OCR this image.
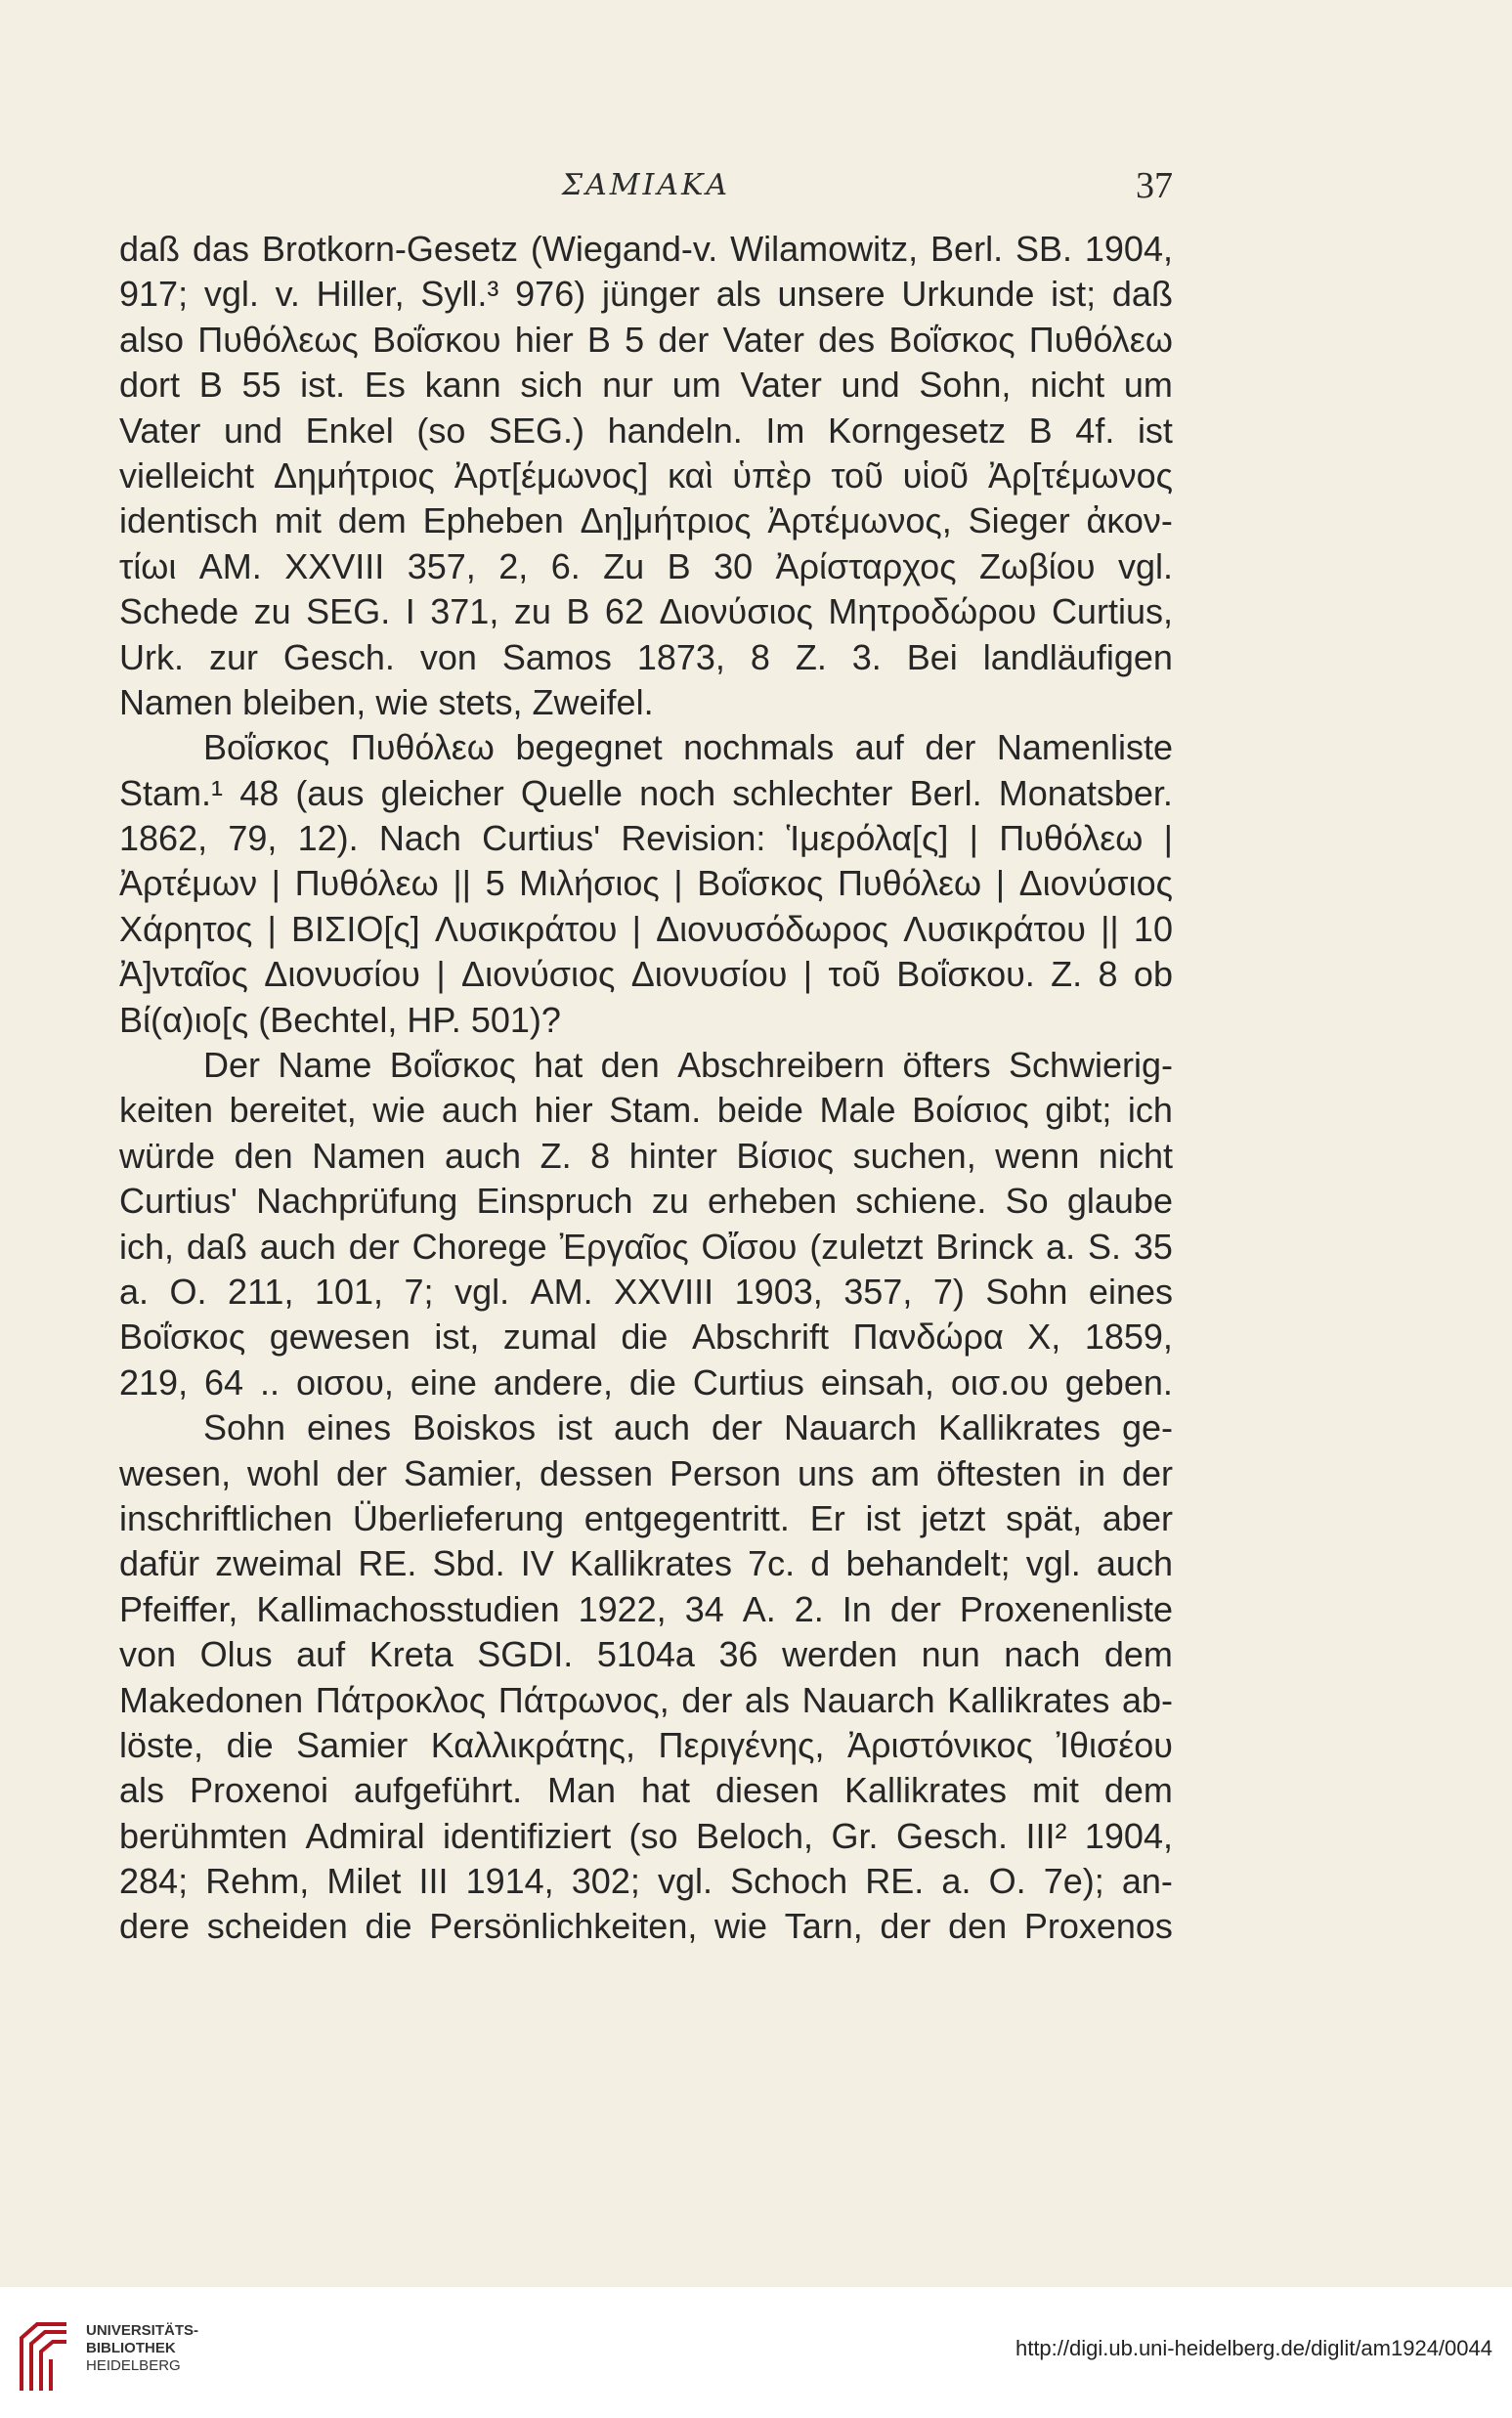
ΣΑΜΙΑΚΑ	37
daß das Brotkorn-Gesetz (Wiegand-v. Wilamowitz, Berl. SB. 1904,
917; vgl. v. Hiller, Syll.³ 976) jünger als unsere Urkunde ist; daß
also Πυθόλεως Βοΐσκου hier B 5 der Vater des Βοΐσκος Πυθόλεω
dort B 55 ist. Es kann sich nur um Vater und Sohn, nicht um
Vater und Enkel (so SEG.) handeln. Im Korngesetz B 4f. ist
vielleicht Δημήτριος Ἀρτ[έμωνος] καὶ ὑπὲρ τοῦ υἱοῦ Ἀρ[τέμωνος
identisch mit dem Epheben Δη]μήτριος Ἀρτέμωνος, Sieger ἀκον-
τίωι AM. XXVIII 357, 2, 6. Zu B 30 Ἀρίσταρχος Ζωβίου vgl.
Schede zu SEG. I 371, zu B 62 Διονύσιος Μητροδώρου Curtius,
Urk. zur Gesch. von Samos 1873, 8 Z. 3. Bei landläufigen
Namen bleiben, wie stets, Zweifel.
Βοΐσκος Πυθόλεω begegnet nochmals auf der Namenliste
Stam.¹ 48 (aus gleicher Quelle noch schlechter Berl. Monatsber.
1862, 79, 12). Nach Curtius' Revision: Ἱμερόλα[ς] | Πυθόλεω |
Ἀρτέμων | Πυθόλεω || 5 Μιλήσιος | Βοΐσκος Πυθόλεω | Διονύσιος
Χάρητος | ΒΙΣΙΟ[ς] Λυσικράτου | Διονυσόδωρος Λυσικράτου || 10
Ἀ]νταῖος Διονυσίου | Διονύσιος Διονυσίου | τοῦ Βοΐσκου. Z. 8 ob
Βί(α)ιο[ς (Bechtel, HP. 501)?
Der Name Βοΐσκος hat den Abschreibern öfters Schwierig-
keiten bereitet, wie auch hier Stam. beide Male Βοίσιος gibt; ich
würde den Namen auch Z. 8 hinter Βίσιος suchen, wenn nicht
Curtius' Nachprüfung Einspruch zu erheben schiene. So glaube
ich, daß auch der Chorege Ἐργαῖος Οἴσου (zuletzt Brinck a. S. 35
a. O. 211, 101, 7; vgl. AM. XXVIII 1903, 357, 7) Sohn eines
Βοΐσκος gewesen ist, zumal die Abschrift Πανδώρα X, 1859,
219, 64 .. οισου, eine andere, die Curtius einsah, οισ.ου geben.
Sohn eines Boiskos ist auch der Nauarch Kallikrates ge-
wesen, wohl der Samier, dessen Person uns am öftesten in der
inschriftlichen Überlieferung entgegentritt. Er ist jetzt spät, aber
dafür zweimal RE. Sbd. IV Kallikrates 7c. d behandelt; vgl. auch
Pfeiffer, Kallimachosstudien 1922, 34 A. 2. In der Proxenenliste
von Olus auf Kreta SGDI. 5104a 36 werden nun nach dem
Makedonen Πάτροκλος Πάτρωνος, der als Nauarch Kallikrates ab-
löste, die Samier Καλλικράτης, Περιγένης, Ἀριστόνικος Ἰθισέου
als Proxenoi aufgeführt. Man hat diesen Kallikrates mit dem
berühmten Admiral identifiziert (so Beloch, Gr. Gesch. III² 1904,
284; Rehm, Milet III 1914, 302; vgl. Schoch RE. a. O. 7e); an-
dere scheiden die Persönlichkeiten, wie Tarn, der den Proxenos
UNIVERSITÄTS-
BIBLIOTHEK
HEIDELBERG
http://digi.ub.uni-heidelberg.de/diglit/am1924/0044
